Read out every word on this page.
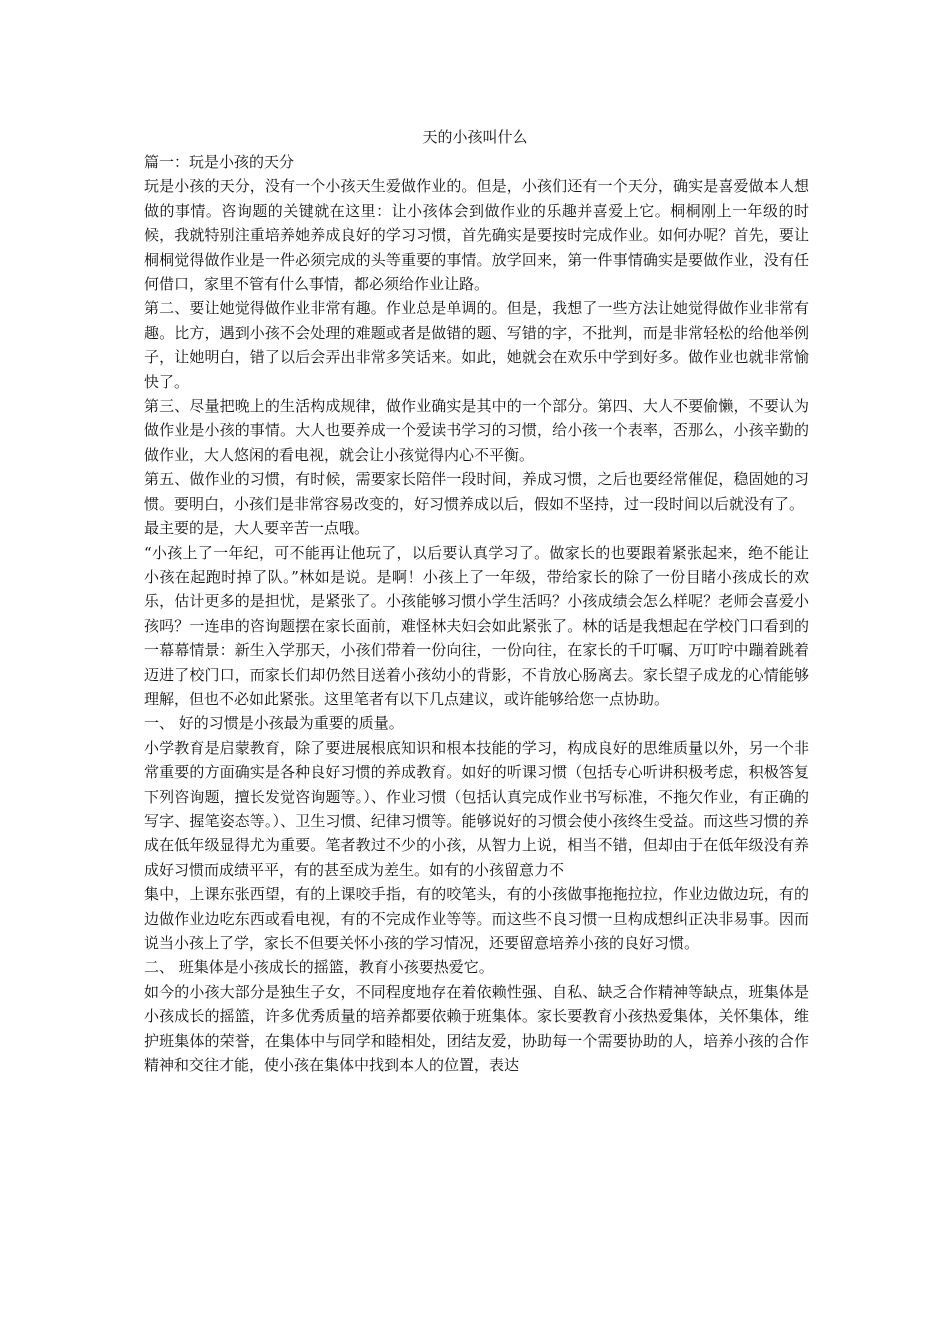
天的小孩叫什么

篇一：玩是小孩的天分

玩是小孩的天分，没有一个小孩天生爱做作业的。但是，小孩们还有一个天分，确实是喜爱做本人想做的事情。咨询题的关键就在这里：让小孩体会到做作业的乐趣并喜爱上它。桐桐刚上一年级的时候，我就特别注重培养她养成良好的学习习惯，首先确实是要按时完成作业。如何办呢？首先，要让桐桐觉得做作业是一件必须完成的头等重要的事情。放学回来，第一件事情确实是要做作业，没有任何借口，家里不管有什么事情，都必须给作业让路。

第二、要让她觉得做作业非常有趣。作业总是单调的。但是，我想了一些方法让她觉得做作业非常有趣。比方，遇到小孩不会处理的难题或者是做错的题、写错的字，不批判，而是非常轻松的给他举例子，让她明白，错了以后会弄出非常多笑话来。如此，她就会在欢乐中学到好多。做作业也就非常愉快了。

第三、尽量把晚上的生活构成规律，做作业确实是其中的一个部分。第四、大人不要偷懒，不要认为做作业是小孩的事情。大人也要养成一个爱读书学习的习惯，给小孩一个表率，否那么，小孩辛勤的做作业，大人悠闲的看电视，就会让小孩觉得内心不平衡。

第五、做作业的习惯，有时候，需要家长陪伴一段时间，养成习惯，之后也要经常催促，稳固她的习惯。要明白，小孩们是非常容易改变的，好习惯养成以后，假如不坚持，过一段时间以后就没有了。

最主要的是，大人要辛苦一点哦。

“小孩上了一年纪，可不能再让他玩了，以后要认真学习了。做家长的也要跟着紧张起来，绝不能让小孩在起跑时掉了队。”林如是说。是啊！小孩上了一年级，带给家长的除了一份目睹小孩成长的欢乐，估计更多的是担忧，是紧张了。小孩能够习惯小学生活吗？小孩成绩会怎么样呢？老师会喜爱小孩吗？一连串的咨询题摆在家长面前，难怪林夫妇会如此紧张了。林的话是我想起在学校门口看到的一幕幕情景：新生入学那天，小孩们带着一份向往，一份向往，在家长的千叮嘱、万叮咛中蹦着跳着迈进了校门口，而家长们却仍然目送着小孩幼小的背影，不肯放心肠离去。家长望子成龙的心情能够理解，但也不必如此紧张。这里笔者有以下几点建议，或许能够给您一点协助。

一、 好的习惯是小孩最为重要的质量。

小学教育是启蒙教育，除了要进展根底知识和根本技能的学习，构成良好的思维质量以外，另一个非常重要的方面确实是各种良好习惯的养成教育。如好的听课习惯（包括专心听讲积极考虑，积极答复下列咨询题，擅长发觉咨询题等。）、作业习惯（包括认真完成作业书写标准，不拖欠作业，有正确的写字、握笔姿态等。）、卫生习惯、纪律习惯等。能够说好的习惯会使小孩终生受益。而这些习惯的养成在低年级显得尤为重要。笔者教过不少的小孩，从智力上说，相当不错，但却由于在低年级没有养成好习惯而成绩平平，有的甚至成为差生。如有的小孩留意力不

集中，上课东张西望，有的上课咬手指，有的咬笔头，有的小孩做事拖拖拉拉，作业边做边玩，有的边做作业边吃东西或看电视，有的不完成作业等等。而这些不良习惯一旦构成想纠正决非易事。因而说当小孩上了学，家长不但要关怀小孩的学习情况，还要留意培养小孩的良好习惯。

二、 班集体是小孩成长的摇篮，教育小孩要热爱它。

如今的小孩大部分是独生子女，不同程度地存在着依赖性强、自私、缺乏合作精神等缺点，班集体是小孩成长的摇篮，许多优秀质量的培养都要依赖于班集体。家长要教育小孩热爱集体，关怀集体，维护班集体的荣誉，在集体中与同学和睦相处，团结友爱，协助每一个需要协助的人，培养小孩的合作精神和交往才能，使小孩在集体中找到本人的位置，表达
